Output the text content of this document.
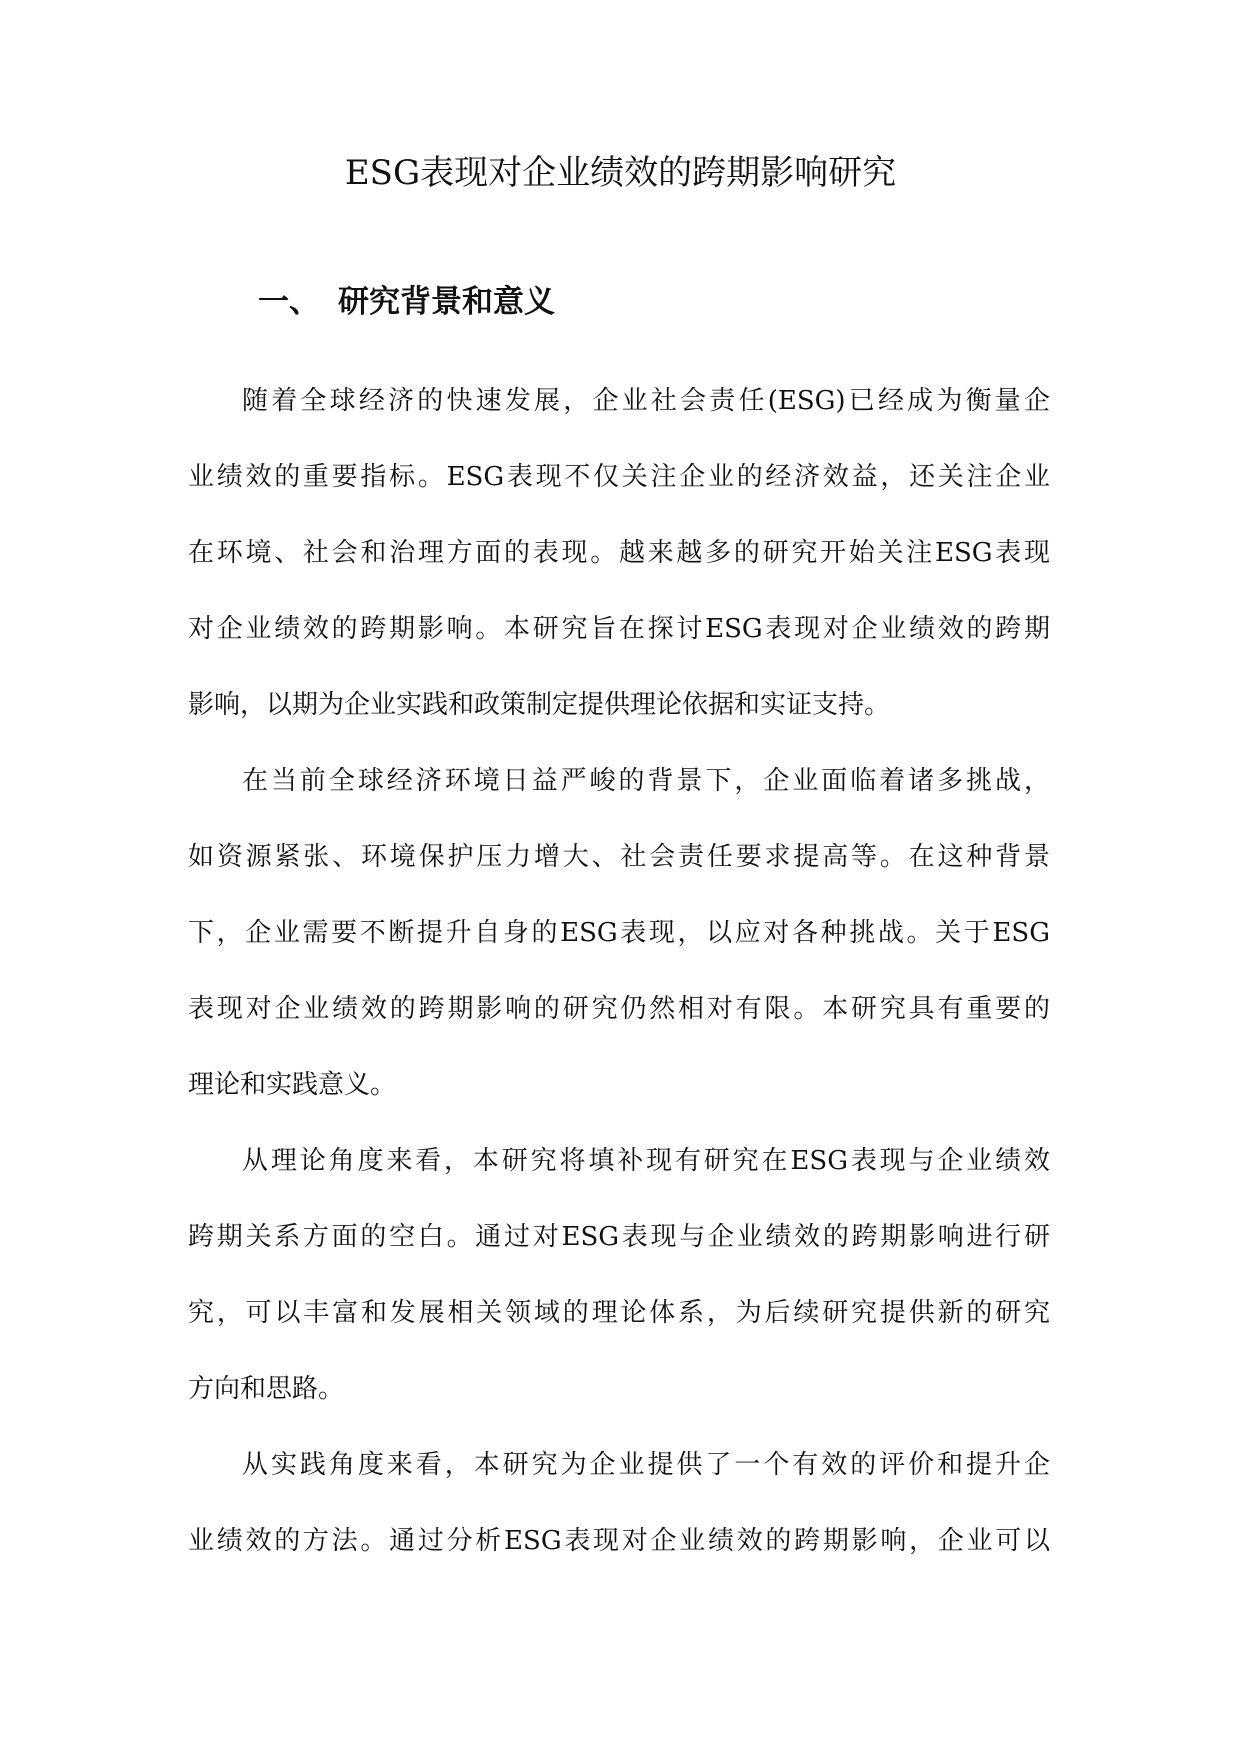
ESG表现对企业绩效的跨期影响研究
一、 研究背景和意义
随着全球经济的快速发展，企业社会责任(ESG)已经成为衡量企
业绩效的重要指标。ESG表现不仅关注企业的经济效益，还关注企业
在环境、社会和治理方面的表现。越来越多的研究开始关注ESG表现
对企业绩效的跨期影响。本研究旨在探讨ESG表现对企业绩效的跨期
影响，以期为企业实践和政策制定提供理论依据和实证支持。
在当前全球经济环境日益严峻的背景下，企业面临着诸多挑战，
如资源紧张、环境保护压力增大、社会责任要求提高等。在这种背景
下，企业需要不断提升自身的ESG表现，以应对各种挑战。关于ESG
表现对企业绩效的跨期影响的研究仍然相对有限。本研究具有重要的
理论和实践意义。
从理论角度来看，本研究将填补现有研究在ESG表现与企业绩效
跨期关系方面的空白。通过对ESG表现与企业绩效的跨期影响进行研
究，可以丰富和发展相关领域的理论体系，为后续研究提供新的研究
方向和思路。
从实践角度来看，本研究为企业提供了一个有效的评价和提升企
业绩效的方法。通过分析ESG表现对企业绩效的跨期影响，企业可以
